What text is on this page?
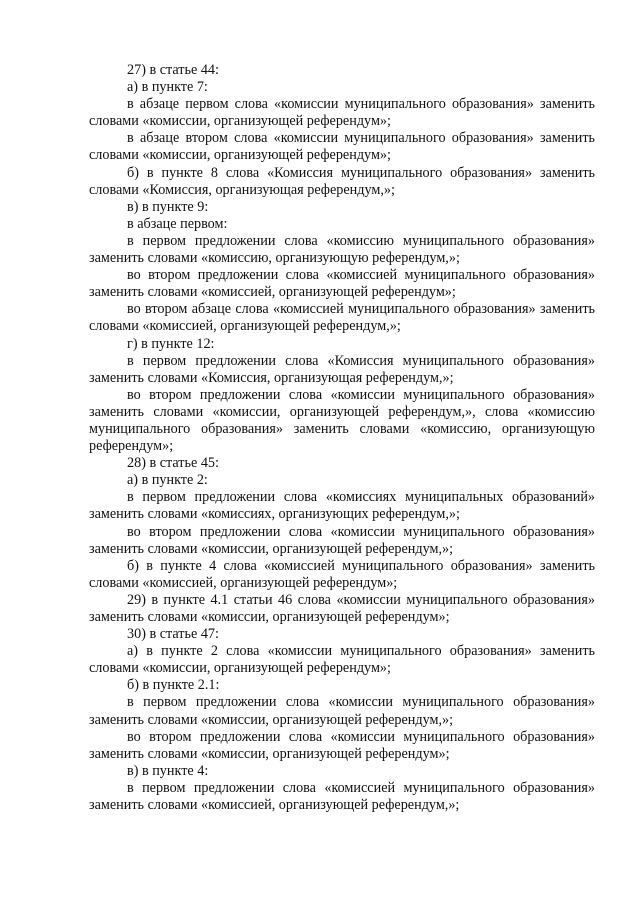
27) в статье 44:

а) в пункте 7:

в абзаце первом слова «комиссии муниципального образования» заменить словами «комиссии, организующей референдум»;

в абзаце втором слова «комиссии муниципального образования» заменить словами «комиссии, организующей референдум»;

б) в пункте 8 слова «Комиссия муниципального образования» заменить словами «Комиссия, организующая референдум,»;

в) в пункте 9:

в абзаце первом:

в первом предложении слова «комиссию муниципального образования» заменить словами «комиссию, организующую референдум,»;

во втором предложении слова «комиссией муниципального образования» заменить словами «комиссией, организующей референдум»;

во втором абзаце слова «комиссией муниципального образования» заменить словами «комиссией, организующей референдум,»;

г) в пункте 12:

в первом предложении слова «Комиссия муниципального образования» заменить словами «Комиссия, организующая референдум,»;

во втором предложении слова «комиссии муниципального образования» заменить словами «комиссии, организующей референдум,», слова «комиссию муниципального образования» заменить словами «комиссию, организующую референдум»;

28) в статье 45:

а) в пункте 2:

в первом предложении слова «комиссиях муниципальных образований» заменить словами «комиссиях, организующих референдум,»;

во втором предложении слова «комиссии муниципального образования» заменить словами «комиссии, организующей референдум,»;

б) в пункте 4 слова «комиссией муниципального образования» заменить словами «комиссией, организующей референдум»;

29) в пункте 4.1 статьи 46 слова «комиссии муниципального образования» заменить словами «комиссии, организующей референдум»;

30) в статье 47:

а) в пункте 2 слова «комиссии муниципального образования» заменить словами «комиссии, организующей референдум»;

б) в пункте 2.1:

в первом предложении слова «комиссии муниципального образования» заменить словами «комиссии, организующей референдум,»;

во втором предложении слова «комиссии муниципального образования» заменить словами «комиссии, организующей референдум»;

в) в пункте 4:

в первом предложении слова «комиссией муниципального образования» заменить словами «комиссией, организующей референдум,»;
